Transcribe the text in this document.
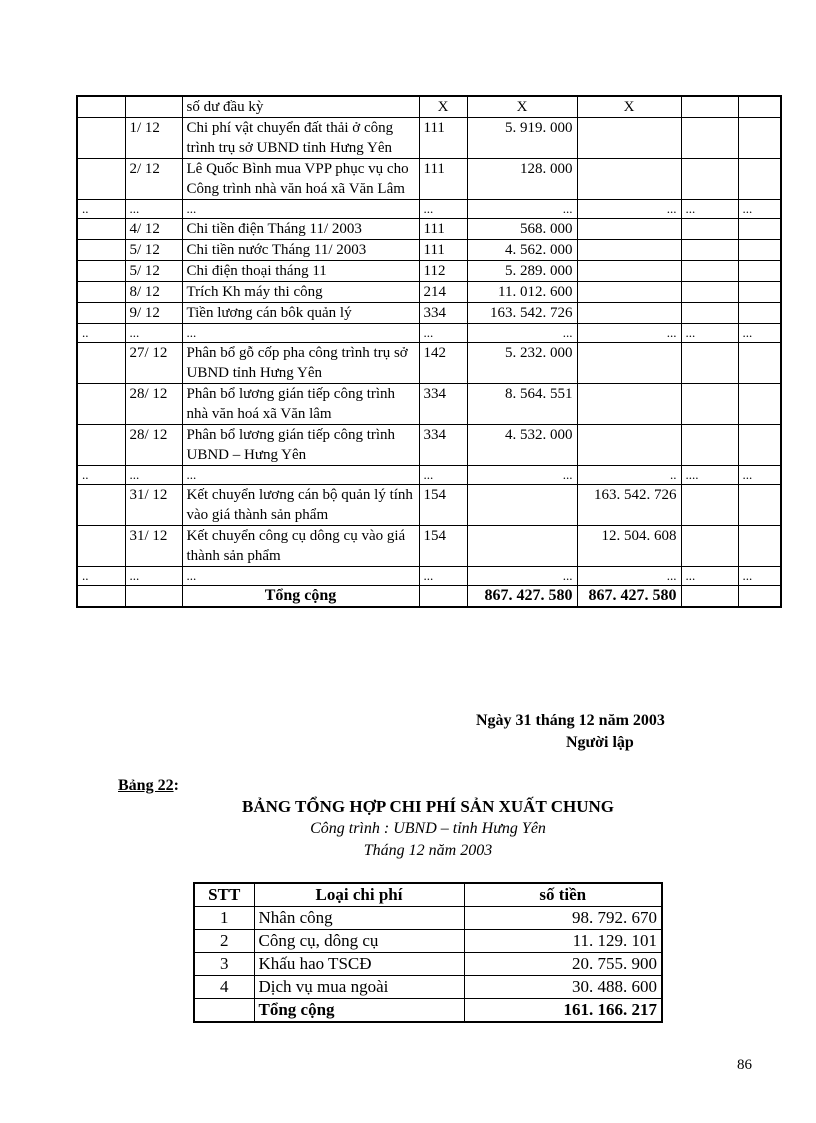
		số dư đầu kỳ	X	X	X		
	1/ 12	Chi phí vật chuyển đất thải ở công trình trụ sở UBND tỉnh Hưng Yên	111	5. 919. 000			
	2/ 12	Lê Quốc Bình mua VPP phục vụ cho Công trình nhà văn hoá xã Văn Lâm	111	128. 000			
..	...	...	...	...	...	...	...
	4/ 12	Chi tiền điện Tháng 11/ 2003	111	568. 000			
	5/ 12	Chi tiền nước Tháng 11/ 2003	111	4. 562. 000			
	5/ 12	Chi điện thoại tháng 11	112	5. 289. 000			
	8/ 12	Trích Kh máy thi công	214	11. 012. 600			
	9/ 12	Tiền lương cán bôk quản lý	334	163. 542. 726			
..	...	...	...	...	...	...	...
	27/ 12	Phân bổ gỗ cốp pha công trình trụ sở UBND tỉnh Hưng Yên	142	5. 232. 000			
	28/ 12	Phân bổ lương gián tiếp công trình nhà văn hoá xã Văn lâm	334	8. 564. 551			
	28/ 12	Phân bổ lương gián tiếp công trình UBND – Hưng Yên	334	4. 532. 000			
..	...	...	...	...	..	....	...
	31/ 12	Kết chuyển lương cán bộ quản lý tính vào giá thành sản phẩm	154		163. 542. 726		
	31/ 12	Kết chuyển công cụ dông cụ vào giá thành sản phẩm	154		12. 504. 608		
..	...	...	...	...	...	...	...
		Tổng cộng		867. 427. 580	867. 427. 580		
Ngày 31 tháng 12 năm 2003
Người lập
Bảng 22:
BẢNG TỔNG HỢP CHI PHÍ SẢN XUẤT CHUNG
Công trình : UBND – tỉnh Hưng Yên
Tháng 12 năm 2003
STT	Loại chi phí	số tiền
1	Nhân công	98. 792. 670
2	Công cụ, dông cụ	11. 129. 101
3	Khấu hao TSCĐ	20. 755. 900
4	Dịch vụ mua ngoài	30. 488. 600
	Tổng cộng	161. 166. 217
86
